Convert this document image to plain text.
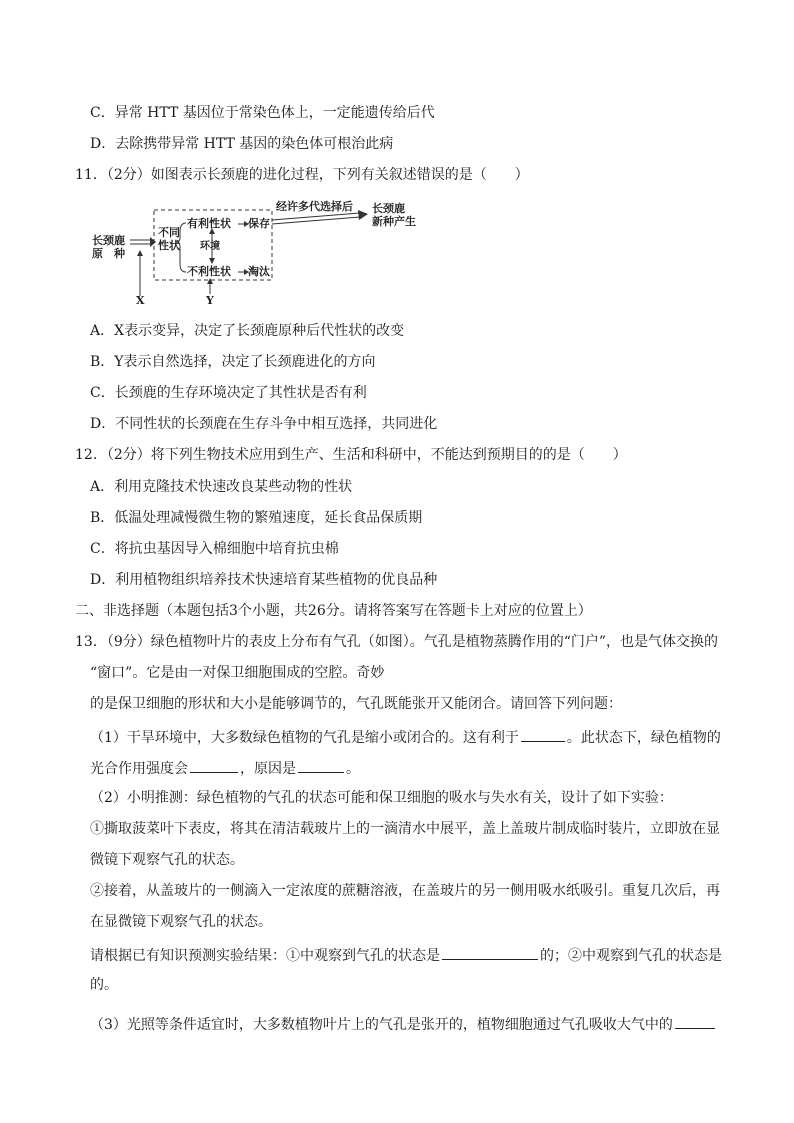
C．异常 HTT 基因位于常染色体上，一定能遗传给后代
D．去除携带异常 HTT 基因的染色体可根治此病
11．（2分）如图表示长颈鹿的进化过程，下列有关叙述错误的是（　　）
长颈鹿
原　种
不同
性状
有利性状 保存
环境
不利性状 淘汰
经许多代选择后 长颈鹿
新种产生
X	Y
A．X表示变异，决定了长颈鹿原种后代性状的改变
B．Y表示自然选择，决定了长颈鹿进化的方向
C．长颈鹿的生存环境决定了其性状是否有利
D．不同性状的长颈鹿在生存斗争中相互选择，共同进化
12．（2分）将下列生物技术应用到生产、生活和科研中，不能达到预期目的的是（　　）
A．利用克隆技术快速改良某些动物的性状
B．低温处理减慢微生物的繁殖速度，延长食品保质期
C．将抗虫基因导入棉细胞中培育抗虫棉
D．利用植物组织培养技术快速培育某些植物的优良品种
二、非选择题（本题包括3个小题，共26分。请将答案写在答题卡上对应的位置上）
13．（9分）绿色植物叶片的表皮上分布有气孔（如图）。气孔是植物蒸腾作用的“门户”，也是气体交换的
“窗口”。它是由一对保卫细胞围成的空腔。奇妙
的是保卫细胞的形状和大小是能够调节的，气孔既能张开又能闭合。请回答下列问题：
（1）干旱环境中，大多数绿色植物的气孔是缩小或闭合的。这有利于	。此状态下，绿色植物的
光合作用强度会	，原因是	。
（2）小明推测：绿色植物的气孔的状态可能和保卫细胞的吸水与失水有关，设计了如下实验：
①撕取菠菜叶下表皮，将其在清洁载玻片上的一滴清水中展平，盖上盖玻片制成临时装片，立即放在显
微镜下观察气孔的状态。
②接着，从盖玻片的一侧滴入一定浓度的蔗糖溶液，在盖玻片的另一侧用吸水纸吸引。重复几次后，再
在显微镜下观察气孔的状态。
请根据已有知识预测实验结果：①中观察到气孔的状态是	的；②中观察到气孔的状态是
的。
（3）光照等条件适宜时，大多数植物叶片上的气孔是张开的，植物细胞通过气孔吸收大气中的
